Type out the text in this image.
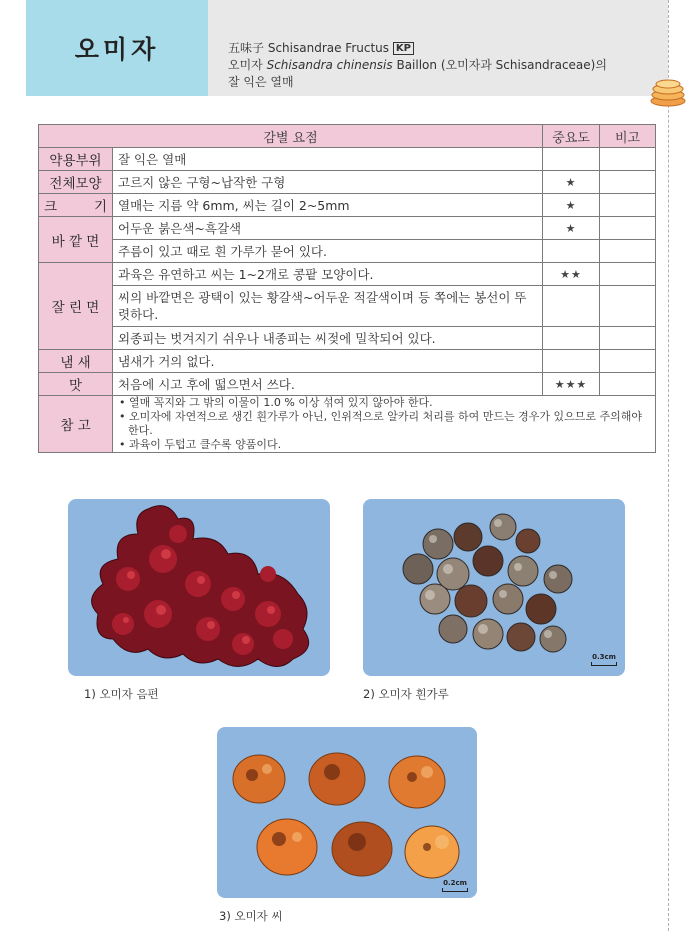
오미자	五味子 Schisandrae Fructus KP
오미자 Schisandra chinensis Baillon (오미자과 Schisandraceae)의
잘 익은 열매
감별 요점		중요도	비고
약용부위	잘 익은 열매		
전체모양	고르지 않은 구형~납작한 구형	★	
크 기	열매는 지름 약 6mm, 씨는 길이 2~5mm	★	
바 깥 면	어두운 붉은색~흑갈색	★	
	주름이 있고 때로 흰 가루가 묻어 있다.		
잘 린 면	과육은 유연하고 씨는 1~2개로 콩팥 모양이다.	★★	
	씨의 바깥면은 광택이 있는 황갈색~어두운 적갈색이며 등 쪽에는 봉선이 뚜렷하다.		
	외종피는 벗겨지기 쉬우나 내종피는 씨젖에 밀착되어 있다.		
냄 새	냄새가 거의 없다.		
맛	처음에 시고 후에 떫으면서 쓰다.	★★★	
참 고	• 열매 꼭지와 그 밖의 이물이 1.0 % 이상 섞여 있지 않아야 한다.
• 오미자에 자연적으로 생긴 흰가루가 아닌, 인위적으로 알카리 처리를 하여 만드는 경우가 있으므로 주의해야 한다.
• 과육이 두텁고 클수록 양품이다.		
1) 오미자 음편
0.3cm
2) 오미자 흰가루
0.2cm
3) 오미자 씨
